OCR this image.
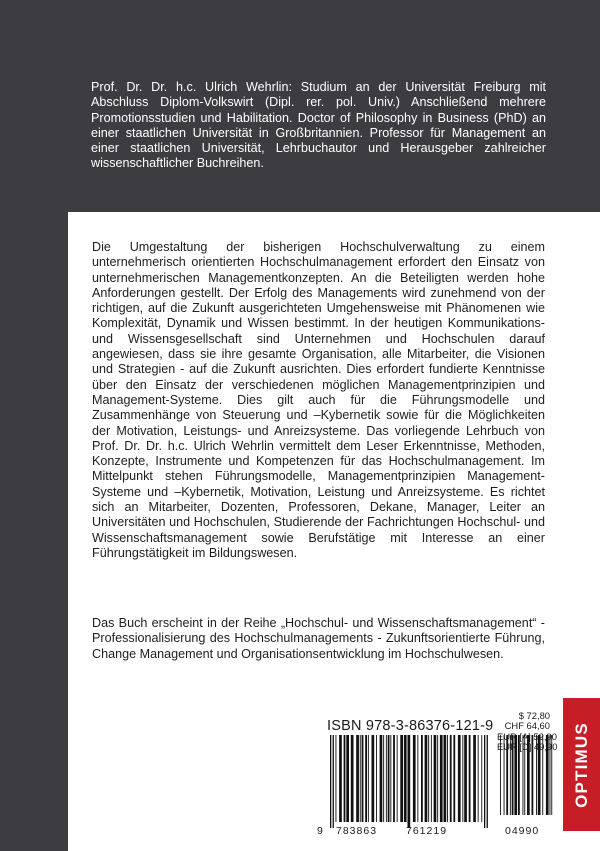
Prof. Dr. Dr. h.c. Ulrich Wehrlin: Studium an der Universität Freiburg mit Abschluss Diplom-Volkswirt (Dipl. rer. pol. Univ.) Anschließend mehrere Promotionsstudien und Habilitation. Doctor of Philosophy in Business (PhD) an einer staatlichen Universität in Großbritannien. Professor für Management an einer staatlichen Universität, Lehrbuchautor und Herausgeber zahlreicher wissenschaftlicher Buchreihen.

Die Umgestaltung der bisherigen Hochschulverwaltung zu einem unternehmerisch orientierten Hochschulmanagement erfordert den Einsatz von unternehmerischen Managementkonzepten. An die Beteiligten werden hohe Anforderungen gestellt. Der Erfolg des Managements wird zunehmend von der richtigen, auf die Zukunft ausgerichteten Umgehensweise mit Phänomenen wie Komplexität, Dynamik und Wissen bestimmt. In der heutigen Kommunikations- und Wissensgesellschaft sind Unternehmen und Hochschulen darauf angewiesen, dass sie ihre gesamte Organisation, alle Mitarbeiter, die Visionen und Strategien - auf die Zukunft ausrichten. Dies erfordert fundierte Kenntnisse über den Einsatz der verschiedenen möglichen Managementprinzipien und Management-Systeme. Dies gilt auch für die Führungsmodelle und Zusammenhänge von Steuerung und –Kybernetik sowie für die Möglichkeiten der Motivation, Leistungs- und Anreizsysteme. Das vorliegende Lehrbuch von Prof. Dr. Dr. h.c. Ulrich Wehrlin vermittelt dem Leser Erkenntnisse, Methoden, Konzepte, Instrumente und Kompetenzen für das Hochschulmanagement. Im Mittelpunkt stehen Führungsmodelle, Managementprinzipien Management-Systeme und –Kybernetik, Motivation, Leistung und Anreizsysteme. Es richtet sich an Mitarbeiter, Dozenten, Professoren, Dekane, Manager, Leiter an Universitäten und Hochschulen, Studierende der Fachrichtungen Hochschul- und Wissenschaftsmanagement sowie Berufstätige mit Interesse an einer Führungstätigkeit im Bildungswesen.

Das Buch erscheint in der Reihe „Hochschul- und Wissenschaftsmanagement“ - Professionalisierung des Hochschulmanagements - Zukunftsorientierte Führung, Change Management und Organisationsentwicklung im Hochschulwesen.

ISBN 978-3-86376-121-9
9 783863	761219	04990
$ 72,80
CHF 64,60
EUR [A] 52,90
EUR [D] 49,90 OPTIMUS
